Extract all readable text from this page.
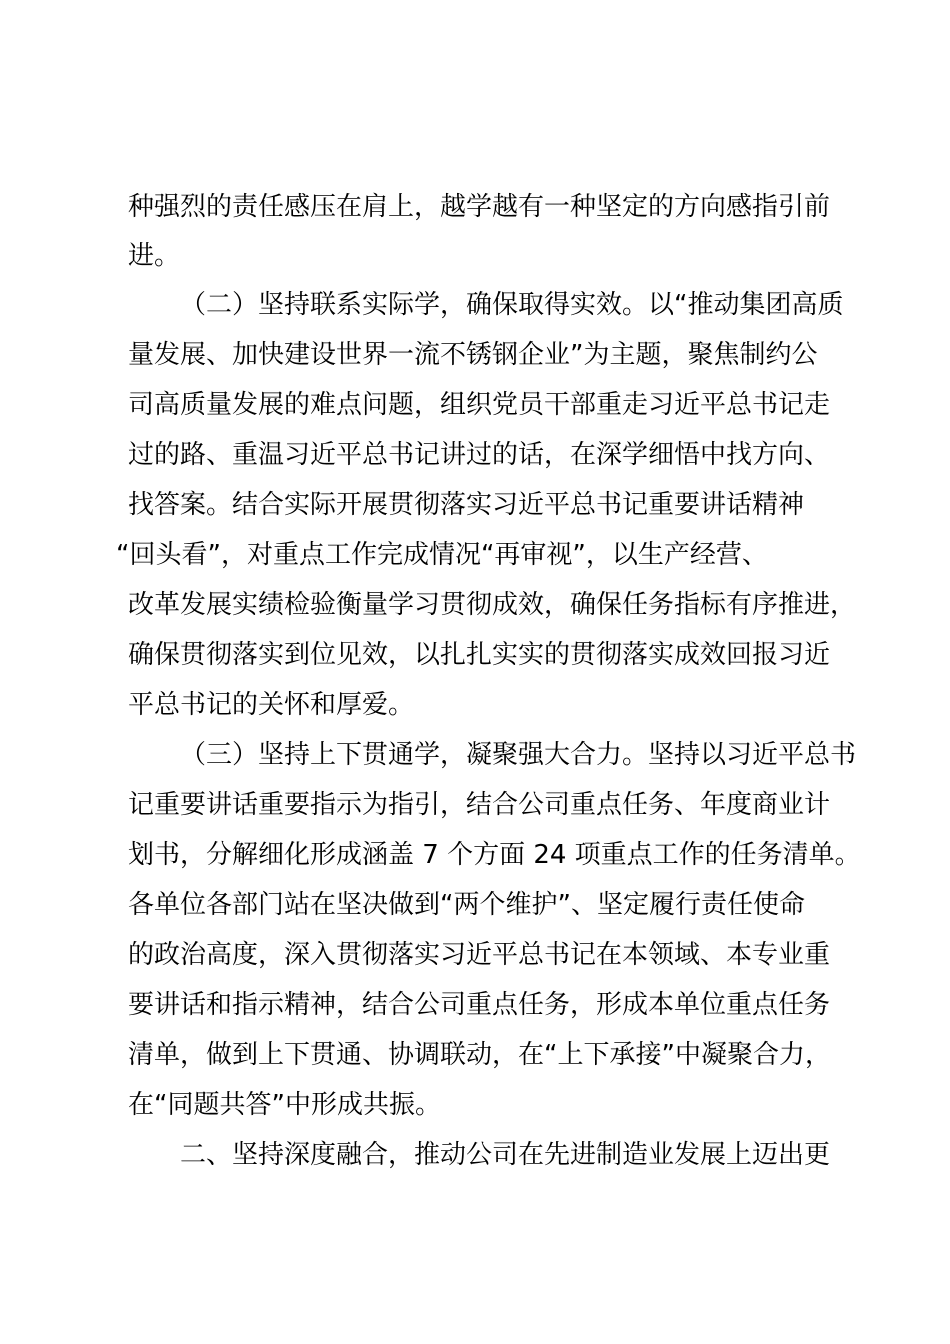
种强烈的责任感压在肩上，越学越有一种坚定的方向感指引前
进。
（二）坚持联系实际学，确保取得实效。以“推动集团高质
量发展、加快建设世界一流不锈钢企业”为主题，聚焦制约公
司高质量发展的难点问题，组织党员干部重走习近平总书记走
过的路、重温习近平总书记讲过的话，在深学细悟中找方向、
找答案。结合实际开展贯彻落实习近平总书记重要讲话精神
“回头看”，对重点工作完成情况“再审视”，以生产经营、
改革发展实绩检验衡量学习贯彻成效，确保任务指标有序推进，
确保贯彻落实到位见效，以扎扎实实的贯彻落实成效回报习近
平总书记的关怀和厚爱。
（三）坚持上下贯通学，凝聚强大合力。坚持以习近平总书
记重要讲话重要指示为指引，结合公司重点任务、年度商业计
划书，分解细化形成涵盖 7 个方面 24 项重点工作的任务清单。
各单位各部门站在坚决做到“两个维护”、坚定履行责任使命
的政治高度，深入贯彻落实习近平总书记在本领域、本专业重
要讲话和指示精神，结合公司重点任务，形成本单位重点任务
清单，做到上下贯通、协调联动，在“上下承接”中凝聚合力，
在“同题共答”中形成共振。
二、坚持深度融合，推动公司在先进制造业发展上迈出更
